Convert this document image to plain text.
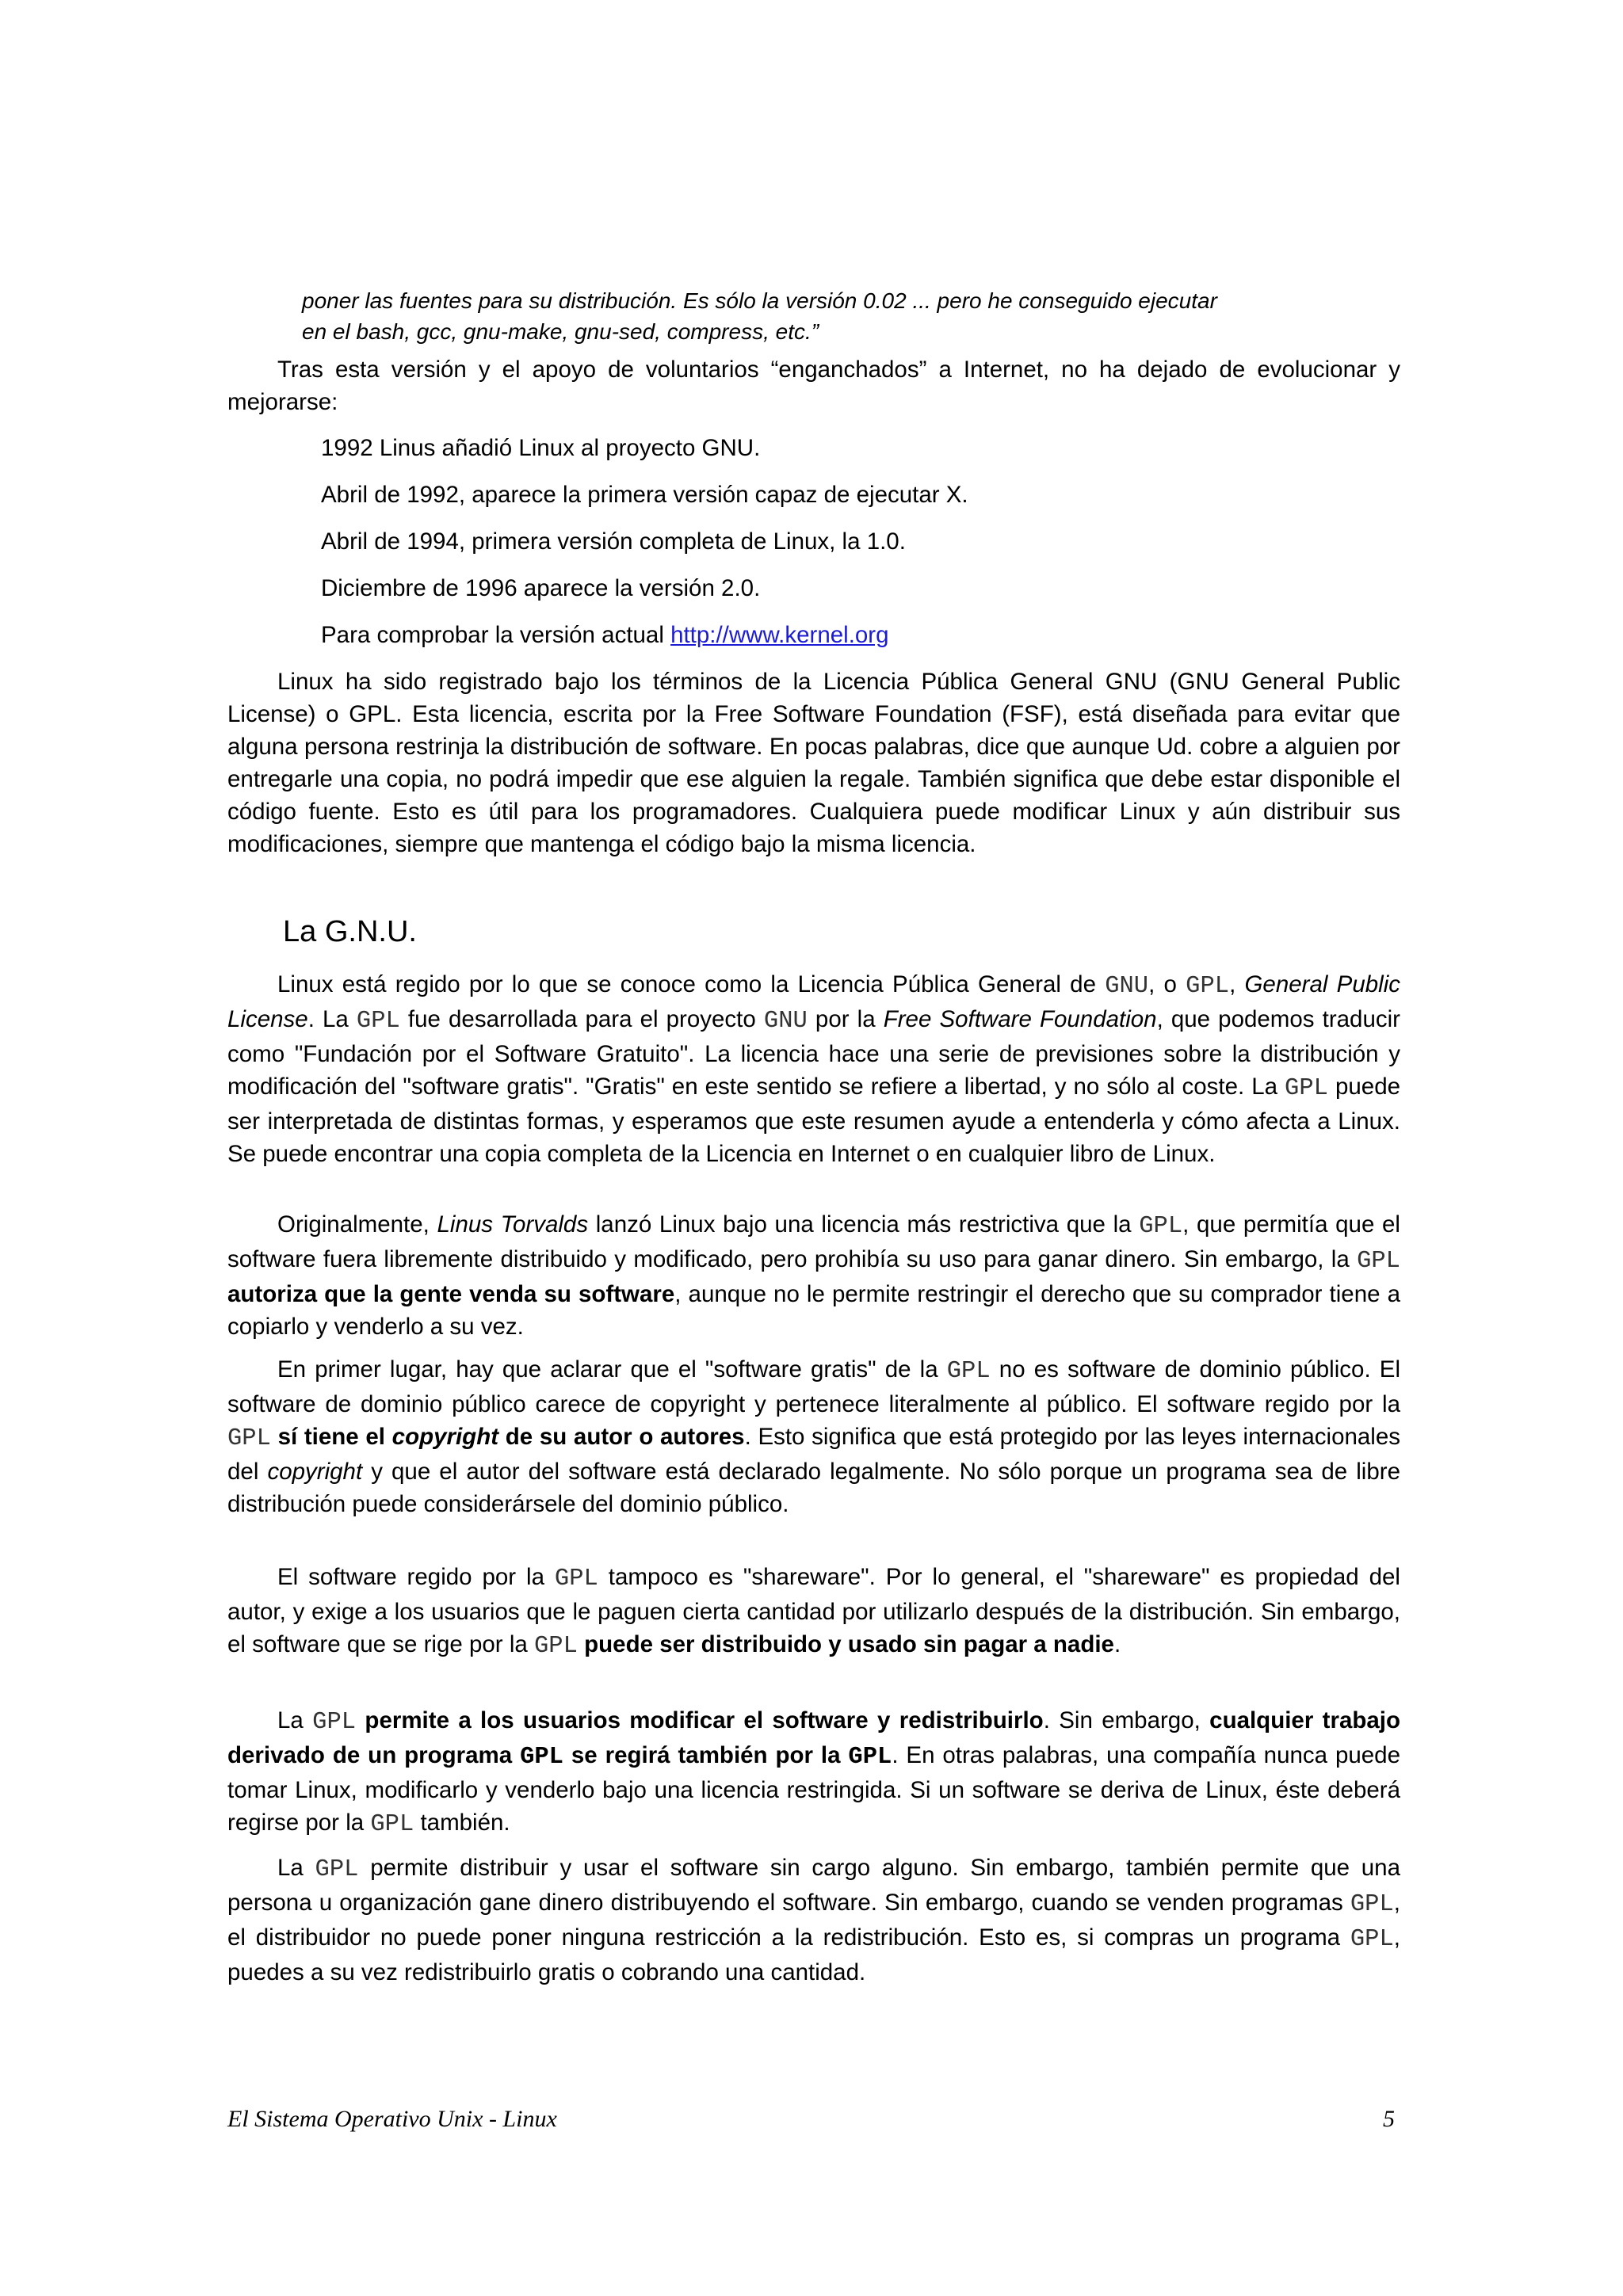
poner las fuentes para su distribución. Es sólo la versión 0.02 ... pero he conseguido ejecutar
en el bash, gcc, gnu-make, gnu-sed, compress, etc.”

Tras esta versión y el apoyo de voluntarios “enganchados” a Internet, no ha dejado de evolucionar y mejorarse:

1992 Linus añadió Linux al proyecto GNU.
Abril de 1992, aparece la primera versión capaz de ejecutar X.
Abril de 1994, primera versión completa de Linux, la 1.0.
Diciembre de 1996 aparece la versión 2.0.
Para comprobar la versión actual http://www.kernel.org

Linux ha sido registrado bajo los términos de la Licencia Pública General GNU (GNU General Public License) o GPL. Esta licencia, escrita por la Free Software Foundation (FSF), está diseñada para evitar que alguna persona restrinja la distribución de software. En pocas palabras, dice que aunque Ud. cobre a alguien por entregarle una copia, no podrá impedir que ese alguien la regale. También significa que debe estar disponible el código fuente. Esto es útil para los programadores. Cualquiera puede modificar Linux y aún distribuir sus modificaciones, siempre que mantenga el código bajo la misma licencia.

La G.N.U.

Linux está regido por lo que se conoce como la Licencia Pública General de GNU, o GPL, General Public License. La GPL fue desarrollada para el proyecto GNU por la Free Software Foundation, que podemos traducir como "Fundación por el Software Gratuito". La licencia hace una serie de previsiones sobre la distribución y modificación del "software gratis". "Gratis" en este sentido se refiere a libertad, y no sólo al coste. La GPL puede ser interpretada de distintas formas, y esperamos que este resumen ayude a entenderla y cómo afecta a Linux. Se puede encontrar una copia completa de la Licencia en Internet o en cualquier libro de Linux.

Originalmente, Linus Torvalds lanzó Linux bajo una licencia más restrictiva que la GPL, que permitía que el software fuera libremente distribuido y modificado, pero prohibía su uso para ganar dinero. Sin embargo, la GPL autoriza que la gente venda su software, aunque no le permite restringir el derecho que su comprador tiene a copiarlo y venderlo a su vez.

En primer lugar, hay que aclarar que el "software gratis" de la GPL no es software de dominio público. El software de dominio público carece de copyright y pertenece literalmente al público. El software regido por la GPL sí tiene el copyright de su autor o autores. Esto significa que está protegido por las leyes internacionales del copyright y que el autor del software está declarado legalmente. No sólo porque un programa sea de libre distribución puede considerársele del dominio público.

El software regido por la GPL tampoco es "shareware". Por lo general, el "shareware" es propiedad del autor, y exige a los usuarios que le paguen cierta cantidad por utilizarlo después de la distribución. Sin embargo, el software que se rige por la GPL puede ser distribuido y usado sin pagar a nadie.

La GPL permite a los usuarios modificar el software y redistribuirlo. Sin embargo, cualquier trabajo derivado de un programa GPL se regirá también por la GPL. En otras palabras, una compañía nunca puede tomar Linux, modificarlo y venderlo bajo una licencia restringida. Si un software se deriva de Linux, éste deberá regirse por la GPL también.

La GPL permite distribuir y usar el software sin cargo alguno. Sin embargo, también permite que una persona u organización gane dinero distribuyendo el software. Sin embargo, cuando se venden programas GPL, el distribuidor no puede poner ninguna restricción a la redistribución. Esto es, si compras un programa GPL, puedes a su vez redistribuirlo gratis o cobrando una cantidad.

El Sistema Operativo Unix - Linux	5
